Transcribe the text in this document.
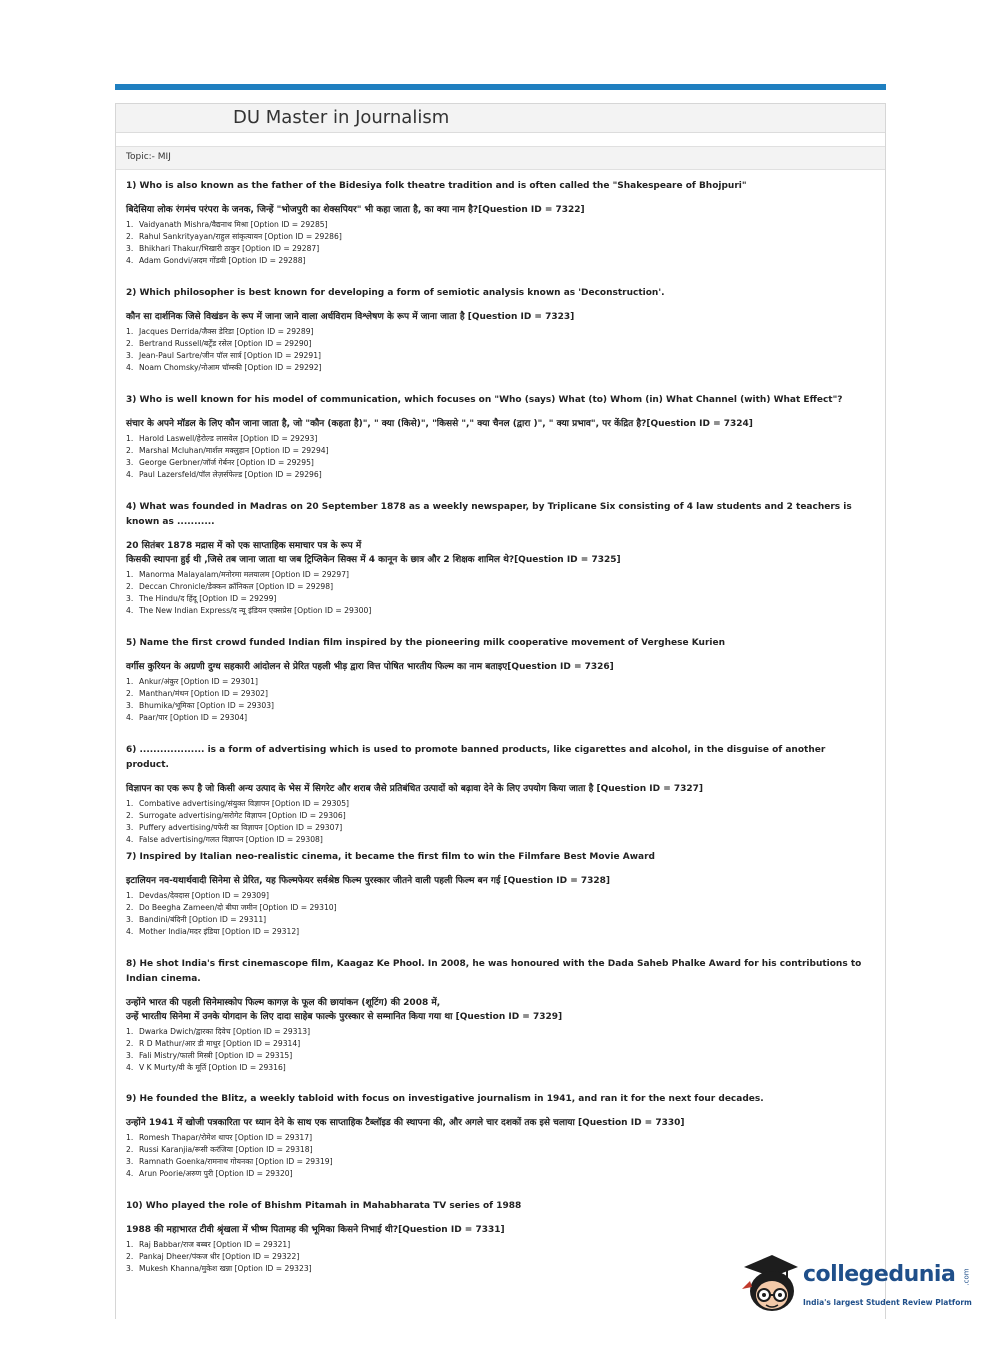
DU Master in Journalism
Topic:- MIJ
1) Who is also known as the father of the Bidesiya folk theatre tradition and is often called the "Shakespeare of Bhojpuri"
बिदेसिया लोक रंगमंच परंपरा के जनक, जिन्हें "भोजपुरी का शेक्सपियर" भी कहा जाता है, का क्या नाम है?[Question ID = 7322]
1. Vaidyanath Mishra/वैद्यनाथ मिश्रा [Option ID = 29285]
2. Rahul Sankrityayan/राहुल सांकृत्यायन [Option ID = 29286]
3. Bhikhari Thakur/भिखारी ठाकुर [Option ID = 29287]
4. Adam Gondvi/अदम गोंडवी [Option ID = 29288]
2) Which philosopher is best known for developing a form of semiotic analysis known as 'Deconstruction'.
कौन सा दार्शनिक जिसे विखंडन के रूप में जाना जाने वाला अर्धविराम विश्लेषण के रूप में जाना जाता है [Question ID = 7323]
1. Jacques Derrida/जैक्स डेरिडा [Option ID = 29289]
2. Bertrand Russell/बर्ट्रेंड रसेल [Option ID = 29290]
3. Jean-Paul Sartre/जीन पॉल सार्त्र [Option ID = 29291]
4. Noam Chomsky/नोआम चॉम्स्की [Option ID = 29292]
3) Who is well known for his model of communication, which focuses on "Who (says) What (to) Whom (in) What Channel (with) What Effect"?
संचार के अपने मॉडल के लिए कौन जाना जाता है, जो "कौन (कहता है)", " क्या (किसे)", "किससे "," क्या चैनल (द्वारा )", " क्या प्रभाव", पर केंद्रित है?[Question ID = 7324]
1. Harold Laswell/हेरोल्ड लासवेल [Option ID = 29293]
2. Marshal Mcluhan/मार्शल मक्लुहान [Option ID = 29294]
3. George Gerbner/जॉर्ज गेर्बनर [Option ID = 29295]
4. Paul Lazersfeld/पॉल लेज़र्सफेल्ड [Option ID = 29296]
4) What was founded in Madras on 20 September 1878 as a weekly newspaper, by Triplicane Six consisting of 4 law students and 2 teachers is known as ...........
20 सितंबर 1878 मद्रास में को एक साप्ताहिक समाचार पत्र के रूप में
किसकी स्थापना हुई थी ,जिसे तब जाना जाता था जब ट्रिप्लिकेन सिक्स में 4 कानून के छात्र और 2 शिक्षक शामिल थे?[Question ID = 7325]
1. Manorma Malayalam/मनोरमा मलयालम [Option ID = 29297]
2. Deccan Chronicle/डेक्कन क्रॉनिकल [Option ID = 29298]
3. The Hindu/द हिंदू [Option ID = 29299]
4. The New Indian Express/द न्यू इंडियन एक्सप्रेस [Option ID = 29300]
5) Name the first crowd funded Indian film inspired by the pioneering milk cooperative movement of Verghese Kurien
वर्गीस कुरियन के अग्रणी दुग्ध सहकारी आंदोलन से प्रेरित पहली भीड़ द्वारा वित्त पोषित भारतीय फिल्म का नाम बताइए[Question ID = 7326]
1. Ankur/अंकुर [Option ID = 29301]
2. Manthan/मंथन [Option ID = 29302]
3. Bhumika/भूमिका [Option ID = 29303]
4. Paar/पार [Option ID = 29304]
6) ................... is a form of advertising which is used to promote banned products, like cigarettes and alcohol, in the disguise of another product.
विज्ञापन का एक रूप है जो किसी अन्य उत्पाद के भेस में सिगरेट और शराब जैसे प्रतिबंधित उत्पादों को बढ़ावा देने के लिए उपयोग किया जाता है [Question ID = 7327]
1. Combative advertising/संयुक्त विज्ञापन [Option ID = 29305]
2. Surrogate advertising/सरोगेट विज्ञापन [Option ID = 29306]
3. Puffery advertising/पफेरी का विज्ञापन [Option ID = 29307]
4. False advertising/गलत विज्ञापन [Option ID = 29308]
7) Inspired by Italian neo-realistic cinema, it became the first film to win the Filmfare Best Movie Award
इटालियन नव-यथार्थवादी सिनेमा से प्रेरित, यह फिल्मफेयर सर्वश्रेष्ठ फिल्म पुरस्कार जीतने वाली पहली फिल्म बन गई [Question ID = 7328]
1. Devdas/देवदास [Option ID = 29309]
2. Do Beegha Zameen/दो बीघा जमीन [Option ID = 29310]
3. Bandini/बंदिनी [Option ID = 29311]
4. Mother India/मदर इंडिया [Option ID = 29312]
8) He shot India's first cinemascope film, Kaagaz Ke Phool. In 2008, he was honoured with the Dada Saheb Phalke Award for his contributions to Indian cinema.
उन्होंने भारत की पहली सिनेमास्कोप फिल्म कागज़ के फूल की छायांकन (शूटिंग) की 2008 में,
उन्हें भारतीय सिनेमा में उनके योगदान के लिए दादा साहेब फाल्के पुरस्कार से सम्मानित किया गया था [Question ID = 7329]
1. Dwarka Dwich/द्वारका दिवेच [Option ID = 29313]
2. R D Mathur/आर डी माथुर [Option ID = 29314]
3. Fali Mistry/फाली मिस्त्री [Option ID = 29315]
4. V K Murty/वी के मूर्ति [Option ID = 29316]
9) He founded the Blitz, a weekly tabloid with focus on investigative journalism in 1941, and ran it for the next four decades.
उन्होंने 1941 में खोजी पत्रकारिता पर ध्यान देने के साथ एक साप्ताहिक टैब्लॉइड की स्थापना की, और अगले चार दशकों तक इसे चलाया [Question ID = 7330]
1. Romesh Thapar/रोमेश थापर [Option ID = 29317]
2. Russi Karanjia/रूसी करंजिया [Option ID = 29318]
3. Ramnath Goenka/रामनाथ गोयनका [Option ID = 29319]
4. Arun Poorie/अरुण पुरी [Option ID = 29320]
10) Who played the role of Bhishm Pitamah in Mahabharata TV series of 1988
1988 की महाभारत टीवी श्रृंखला में भीष्म पितामह की भूमिका किसने निभाई थी?[Question ID = 7331]
1. Raj Babbar/राज बब्बर [Option ID = 29321]
2. Pankaj Dheer/पंकज धीर [Option ID = 29322]
3. Mukesh Khanna/मुकेश खन्ना [Option ID = 29323]	collegedunia .com
India's largest Student Review Platform
